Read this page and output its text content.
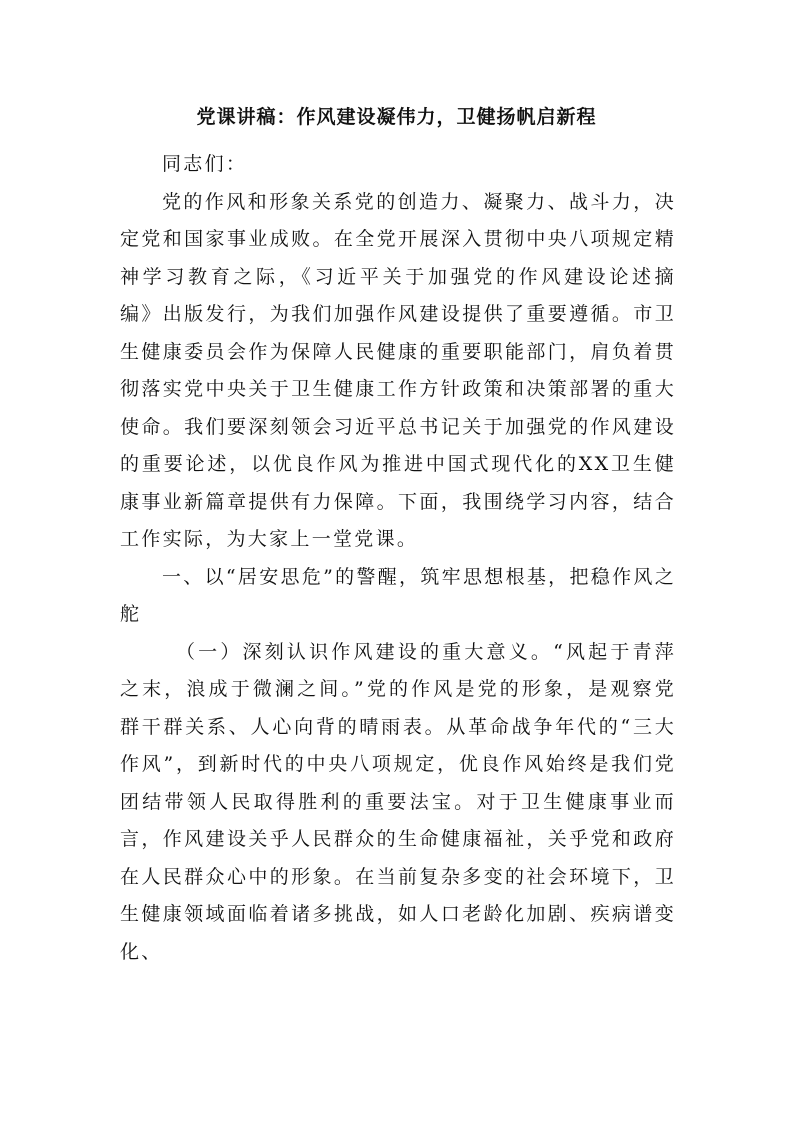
党课讲稿：作风建设凝伟力，卫健扬帆启新程

同志们：

党的作风和形象关系党的创造力、凝聚力、战斗力，决定党和国家事业成败。在全党开展深入贯彻中央八项规定精神学习教育之际，《习近平关于加强党的作风建设论述摘编》出版发行，为我们加强作风建设提供了重要遵循。市卫生健康委员会作为保障人民健康的重要职能部门，肩负着贯彻落实党中央关于卫生健康工作方针政策和决策部署的重大使命。我们要深刻领会习近平总书记关于加强党的作风建设的重要论述，以优良作风为推进中国式现代化的XX卫生健康事业新篇章提供有力保障。下面，我围绕学习内容，结合工作实际，为大家上一堂党课。

一、以“居安思危”的警醒，筑牢思想根基，把稳作风之舵

（一）深刻认识作风建设的重大意义。“风起于青萍之末，浪成于微澜之间。”党的作风是党的形象，是观察党群干群关系、人心向背的晴雨表。从革命战争年代的“三大作风”，到新时代的中央八项规定，优良作风始终是我们党团结带领人民取得胜利的重要法宝。对于卫生健康事业而言，作风建设关乎人民群众的生命健康福祉，关乎党和政府在人民群众心中的形象。在当前复杂多变的社会环境下，卫生健康领域面临着诸多挑战，如人口老龄化加剧、疾病谱变化、
